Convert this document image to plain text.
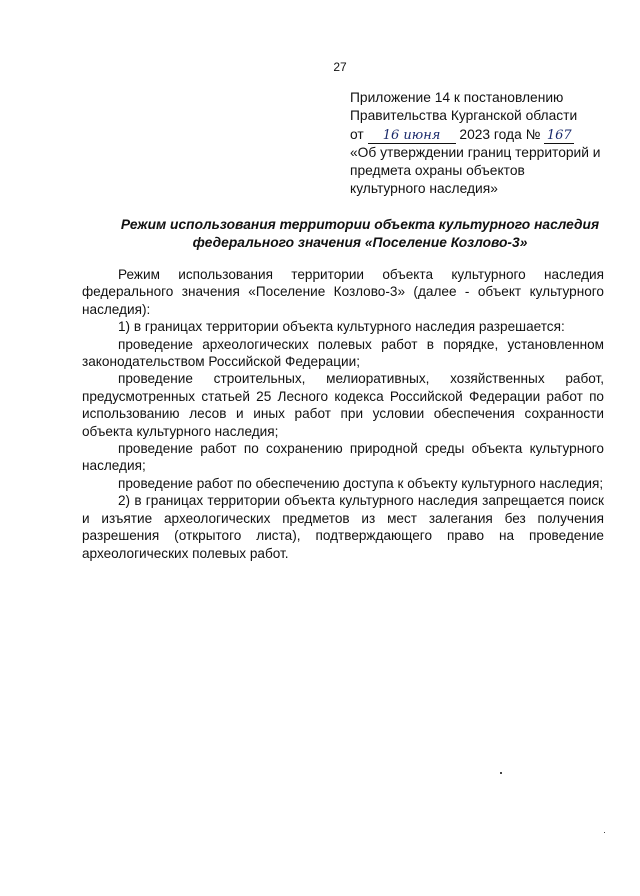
27
Приложение 14 к постановлению
Правительства Курганской области
от 16 июня 2023 года № 167
«Об утверждении границ территорий и
предмета охраны объектов
культурного наследия»
Режим использования территории объекта культурного наследия
федерального значения «Поселение Козлово-3»

Режим использования территории объекта культурного наследия федерального значения «Поселение Козлово-3» (далее - объект культурного наследия):

1) в границах территории объекта культурного наследия разрешается:

проведение археологических полевых работ в порядке, установленном законодательством Российской Федерации;

проведение строительных, мелиоративных, хозяйственных работ, предусмотренных статьей 25 Лесного кодекса Российской Федерации работ по использованию лесов и иных работ при условии обеспечения сохранности объекта культурного наследия;

проведение работ по сохранению природной среды объекта культурного наследия;

проведение работ по обеспечению доступа к объекту культурного наследия;

2) в границах территории объекта культурного наследия запрещается поиск и изъятие археологических предметов из мест залегания без получения разрешения (открытого листа), подтверждающего право на проведение археологических полевых работ.
